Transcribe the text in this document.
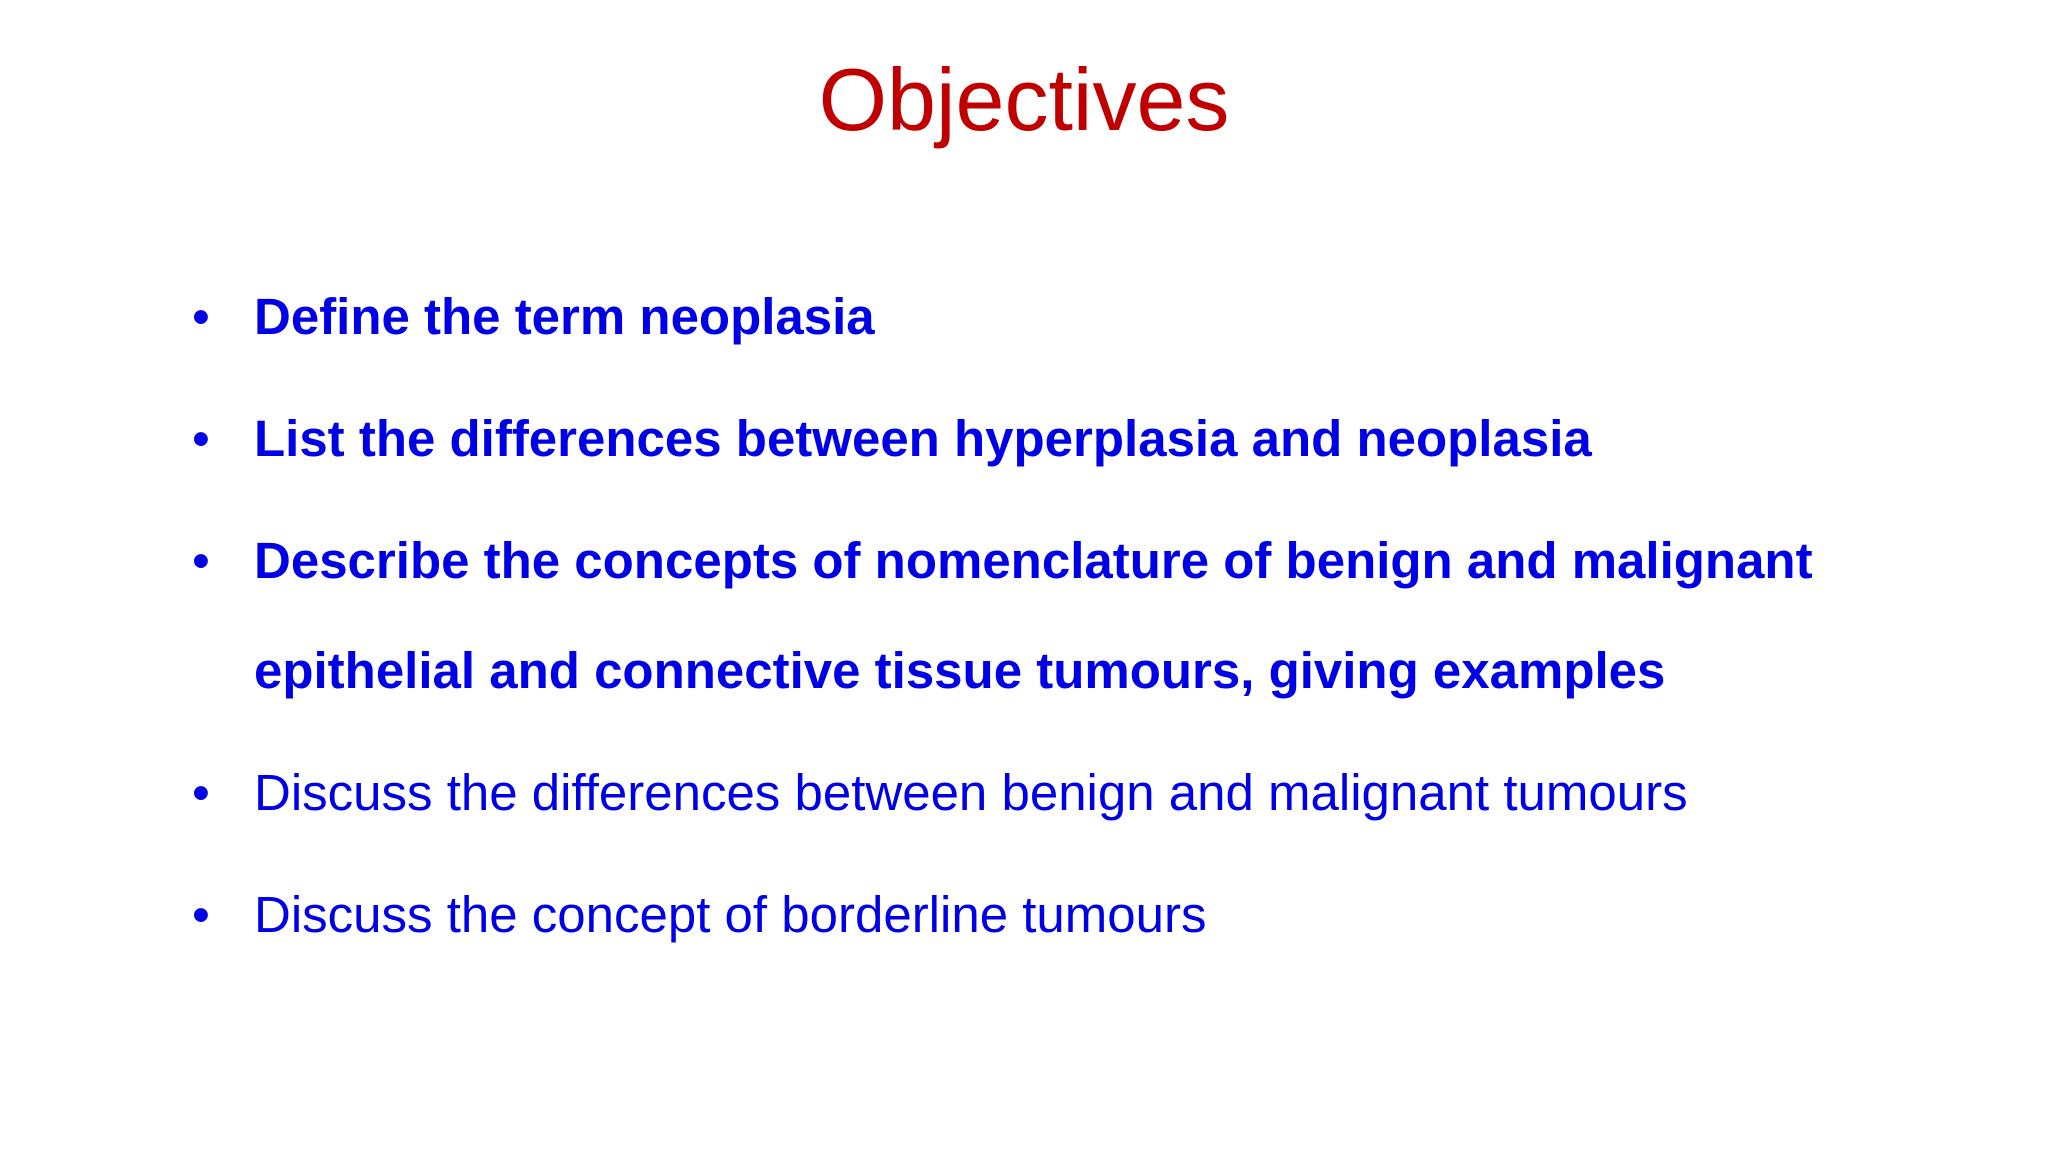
Objectives
• Define the term neoplasia
• List the differences between hyperplasia and neoplasia
• Describe the concepts of nomenclature of benign and malignant epithelial and connective tissue tumours, giving examples
• Discuss the differences between benign and malignant tumours
• Discuss the concept of borderline tumours
